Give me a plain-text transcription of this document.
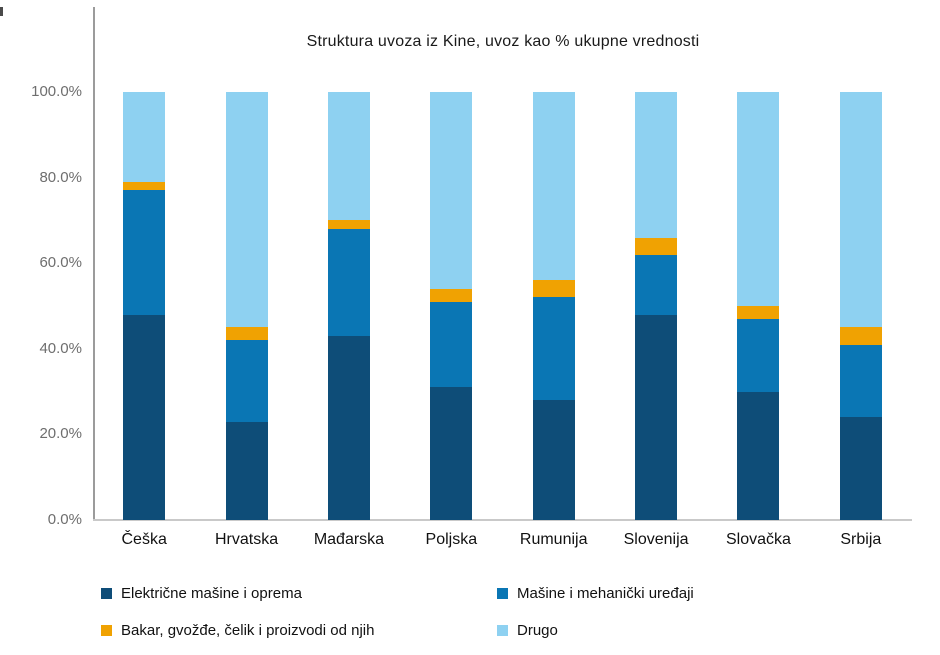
Struktura uvoza iz Kine, uvoz kao % ukupne vrednosti
0.0%
20.0%
40.0%
60.0%
80.0%
100.0%
Češka	Hrvatska	Mađarska	Poljska	Rumunija	Slovenija	Slovačka	Srbija
Električne mašine i oprema
Bakar, gvožđe, čelik i proizvodi od njih
Mašine i mehanički uređaji
Drugo
